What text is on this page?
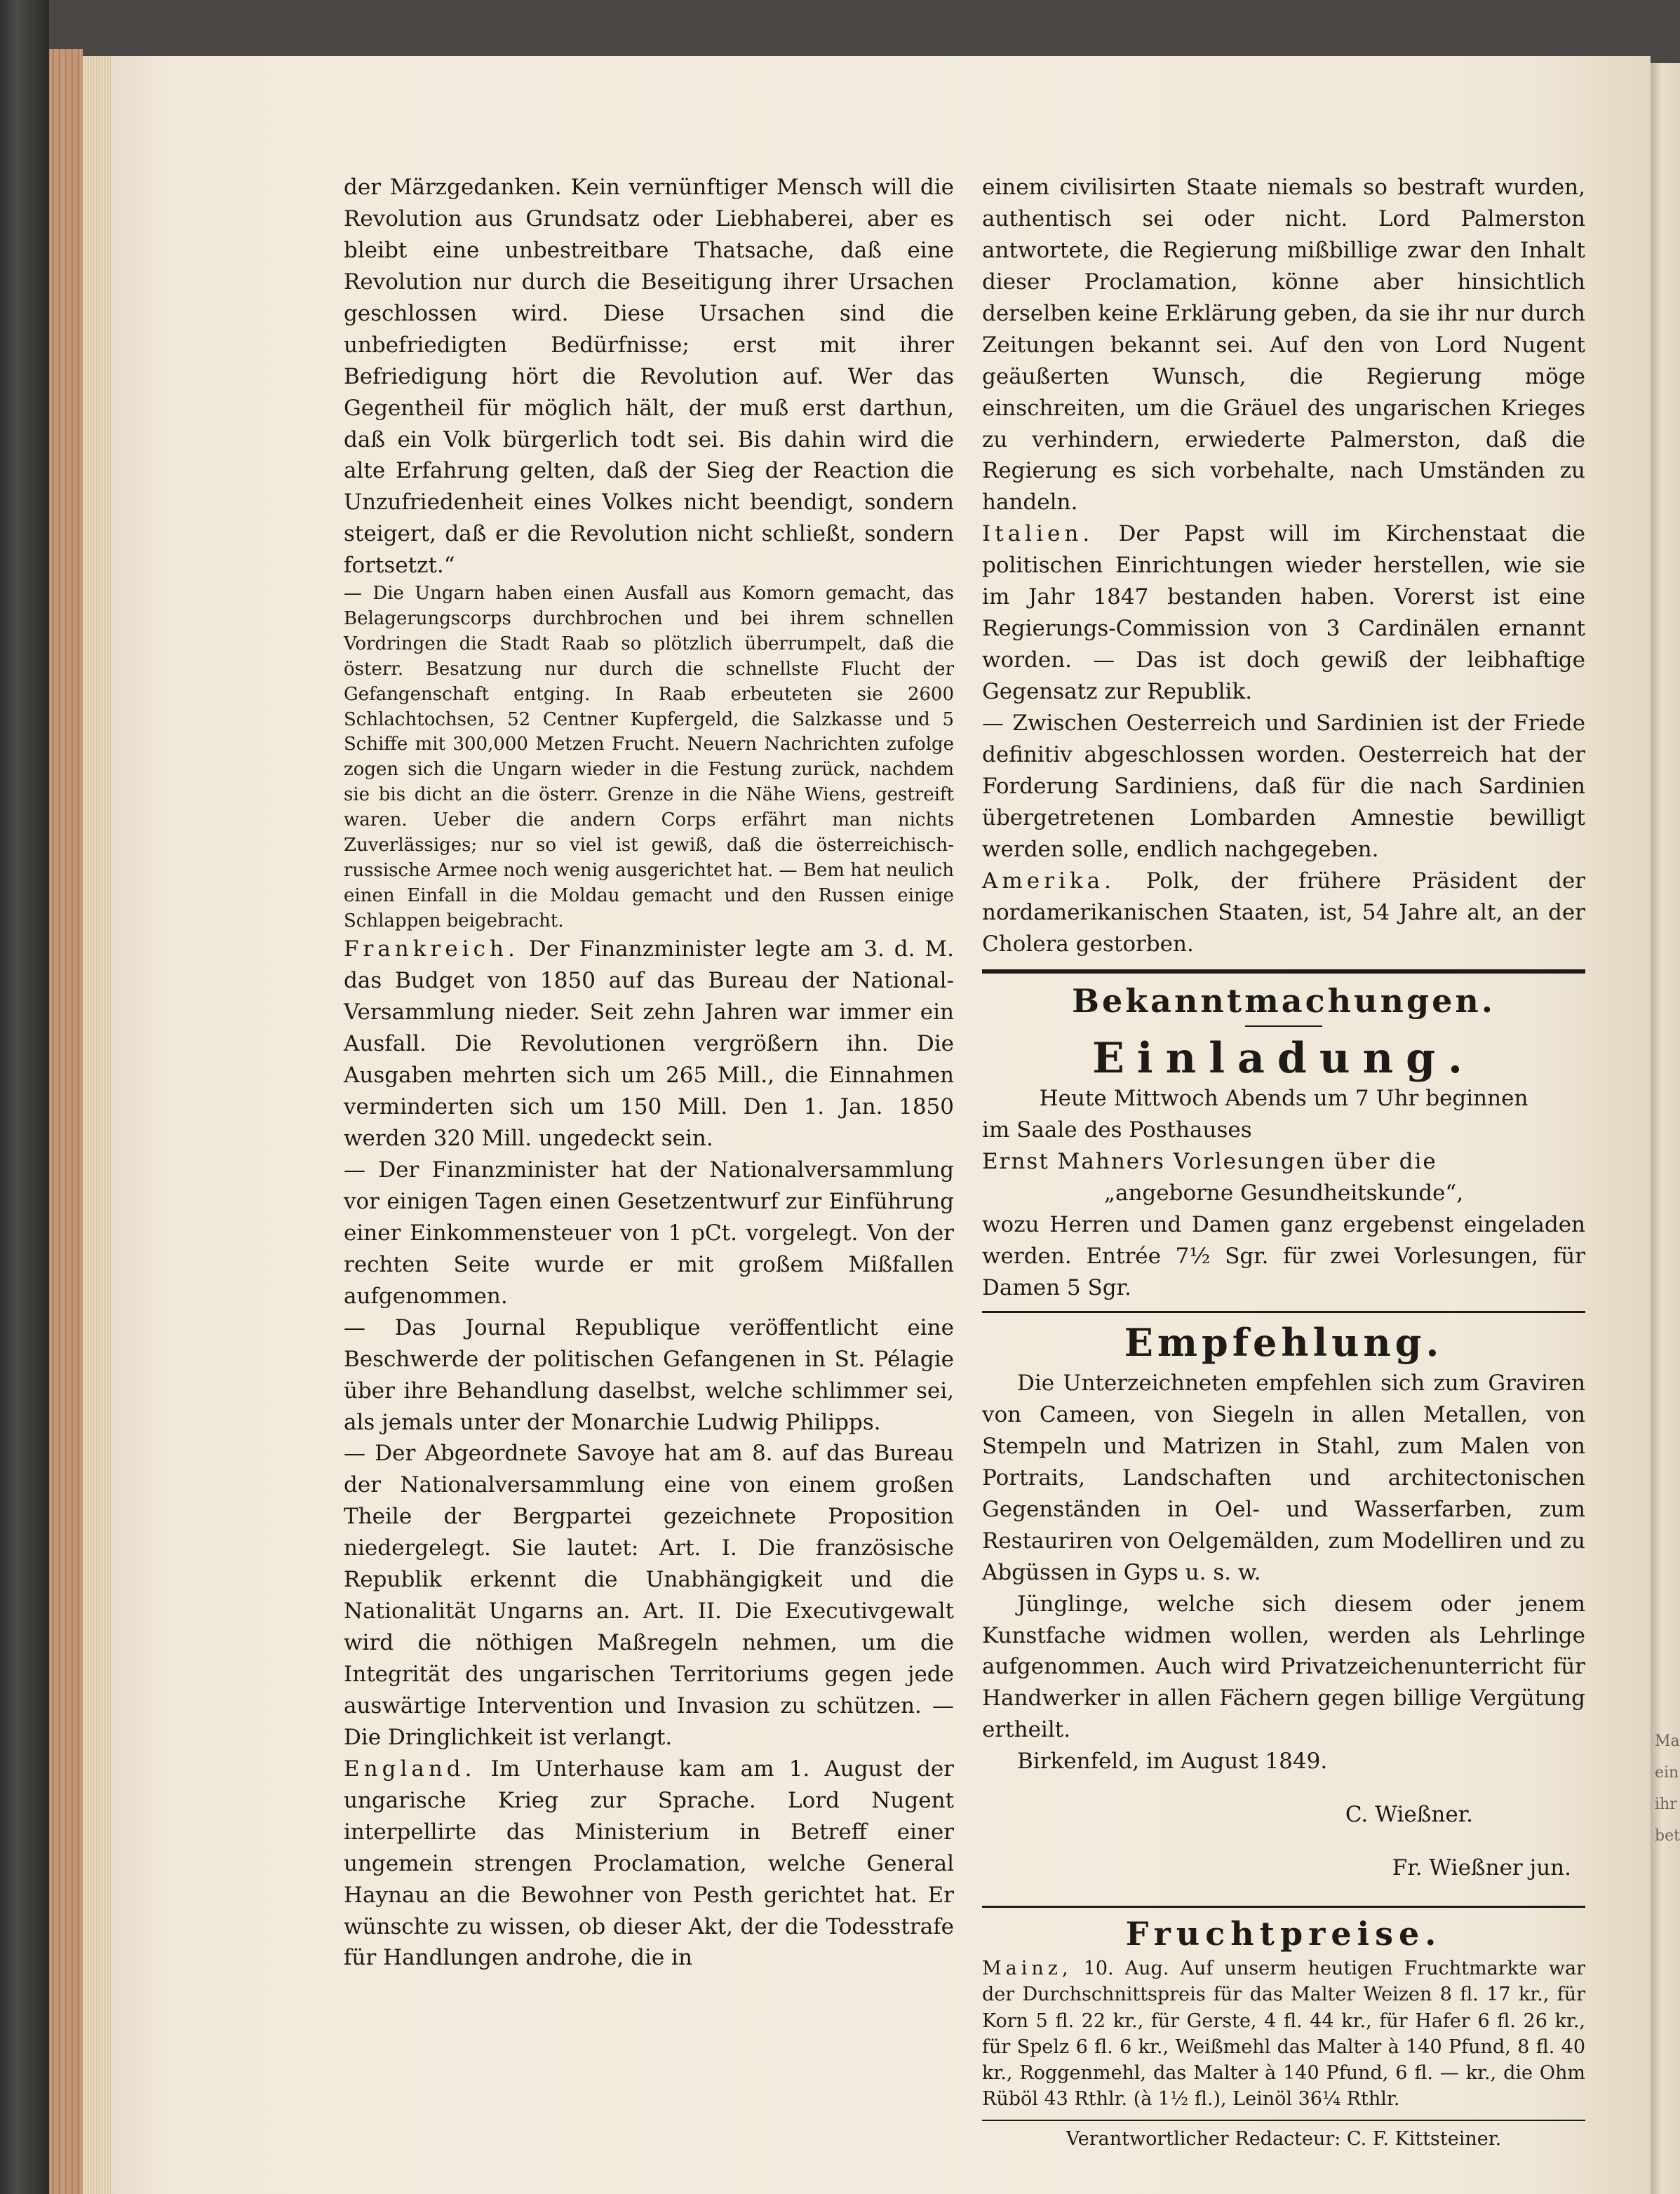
Ma
ein
ihr
bet

der Märzgedanken. Kein vernünftiger Mensch will die Revolution aus Grundsatz oder Liebhaberei, aber es bleibt eine unbestreitbare Thatsache, daß eine Revolution nur durch die Beseitigung ihrer Ursachen geschlossen wird. Diese Ursachen sind die unbefriedigten Bedürfnisse; erst mit ihrer Befriedigung hört die Revolution auf. Wer das Gegentheil für möglich hält, der muß erst darthun, daß ein Volk bürgerlich todt sei. Bis dahin wird die alte Erfahrung gelten, daß der Sieg der Reaction die Unzufriedenheit eines Volkes nicht beendigt, sondern steigert, daß er die Revolution nicht schließt, sondern fortsetzt.“

— Die Ungarn haben einen Ausfall aus Komorn gemacht, das Belagerungscorps durchbrochen und bei ihrem schnellen Vordringen die Stadt Raab so plötzlich überrumpelt, daß die österr. Besatzung nur durch die schnellste Flucht der Gefangenschaft entging. In Raab erbeuteten sie 2600 Schlachtochsen, 52 Centner Kupfergeld, die Salzkasse und 5 Schiffe mit 300,000 Metzen Frucht. Neuern Nachrichten zufolge zogen sich die Ungarn wieder in die Festung zurück, nachdem sie bis dicht an die österr. Grenze in die Nähe Wiens, gestreift waren. Ueber die andern Corps erfährt man nichts Zuverlässiges; nur so viel ist gewiß, daß die österreichisch-russische Armee noch wenig ausgerichtet hat. — Bem hat neulich einen Einfall in die Moldau gemacht und den Russen einige Schlappen beigebracht.

Frankreich. Der Finanzminister legte am 3. d. M. das Budget von 1850 auf das Bureau der National-Versammlung nieder. Seit zehn Jahren war immer ein Ausfall. Die Revolutionen vergrößern ihn. Die Ausgaben mehrten sich um 265 Mill., die Einnahmen verminderten sich um 150 Mill. Den 1. Jan. 1850 werden 320 Mill. ungedeckt sein.

— Der Finanzminister hat der Nationalversammlung vor einigen Tagen einen Gesetzentwurf zur Einführung einer Einkommensteuer von 1 pCt. vorgelegt. Von der rechten Seite wurde er mit großem Mißfallen aufgenommen.

— Das Journal Republique veröffentlicht eine Beschwerde der politischen Gefangenen in St. Pélagie über ihre Behandlung daselbst, welche schlimmer sei, als jemals unter der Monarchie Ludwig Philipps.

— Der Abgeordnete Savoye hat am 8. auf das Bureau der Nationalversammlung eine von einem großen Theile der Bergpartei gezeichnete Proposition niedergelegt. Sie lautet: Art. I. Die französische Republik erkennt die Unabhängigkeit und die Nationalität Ungarns an. Art. II. Die Executivgewalt wird die nöthigen Maßregeln nehmen, um die Integrität des ungarischen Territoriums gegen jede auswärtige Intervention und Invasion zu schützen. — Die Dringlichkeit ist verlangt.

England. Im Unterhause kam am 1. August der ungarische Krieg zur Sprache. Lord Nugent interpellirte das Ministerium in Betreff einer ungemein strengen Proclamation, welche General Haynau an die Bewohner von Pesth gerichtet hat. Er wünschte zu wissen, ob dieser Akt, der die Todesstrafe für Handlungen androhe, die in

einem civilisirten Staate niemals so bestraft wurden, authentisch sei oder nicht. Lord Palmerston antwortete, die Regierung mißbillige zwar den Inhalt dieser Proclamation, könne aber hinsichtlich derselben keine Erklärung geben, da sie ihr nur durch Zeitungen bekannt sei. Auf den von Lord Nugent geäußerten Wunsch, die Regierung möge einschreiten, um die Gräuel des ungarischen Krieges zu verhindern, erwiederte Palmerston, daß die Regierung es sich vorbehalte, nach Umständen zu handeln.

Italien. Der Papst will im Kirchenstaat die politischen Einrichtungen wieder herstellen, wie sie im Jahr 1847 bestanden haben. Vorerst ist eine Regierungs-Commission von 3 Cardinälen ernannt worden. — Das ist doch gewiß der leibhaftige Gegensatz zur Republik.

— Zwischen Oesterreich und Sardinien ist der Friede definitiv abgeschlossen worden. Oesterreich hat der Forderung Sardiniens, daß für die nach Sardinien übergetretenen Lombarden Amnestie bewilligt werden solle, endlich nachgegeben.

Amerika. Polk, der frühere Präsident der nordamerikanischen Staaten, ist, 54 Jahre alt, an der Cholera gestorben.

Bekanntmachungen.

Einladung.

Heute Mittwoch Abends um 7 Uhr beginnen

im Saale des Posthauses

Ernst Mahners Vorlesungen über die

„angeborne Gesundheitskunde“,

wozu Herren und Damen ganz ergebenst eingeladen werden. Entrée 7½ Sgr. für zwei Vorlesungen, für Damen 5 Sgr.

Empfehlung.

Die Unterzeichneten empfehlen sich zum Graviren von Cameen, von Siegeln in allen Metallen, von Stempeln und Matrizen in Stahl, zum Malen von Portraits, Landschaften und architectonischen Gegenständen in Oel- und Wasserfarben, zum Restauriren von Oelgemälden, zum Modelliren und zu Abgüssen in Gyps u. s. w.

Jünglinge, welche sich diesem oder jenem Kunstfache widmen wollen, werden als Lehrlinge aufgenommen. Auch wird Privatzeichenunterricht für Handwerker in allen Fächern gegen billige Vergütung ertheilt.

Birkenfeld, im August 1849.

C. Wießner.

Fr. Wießner jun.

Fruchtpreise.

Mainz, 10. Aug. Auf unserm heutigen Fruchtmarkte war der Durchschnittspreis für das Malter Weizen 8 fl. 17 kr., für Korn 5 fl. 22 kr., für Gerste, 4 fl. 44 kr., für Hafer 6 fl. 26 kr., für Spelz 6 fl. 6 kr., Weißmehl das Malter à 140 Pfund, 8 fl. 40 kr., Roggenmehl, das Malter à 140 Pfund, 6 fl. — kr., die Ohm Rüböl 43 Rthlr. (à 1½ fl.), Leinöl 36¼ Rthlr.

Verantwortlicher Redacteur: C. F. Kittsteiner.
